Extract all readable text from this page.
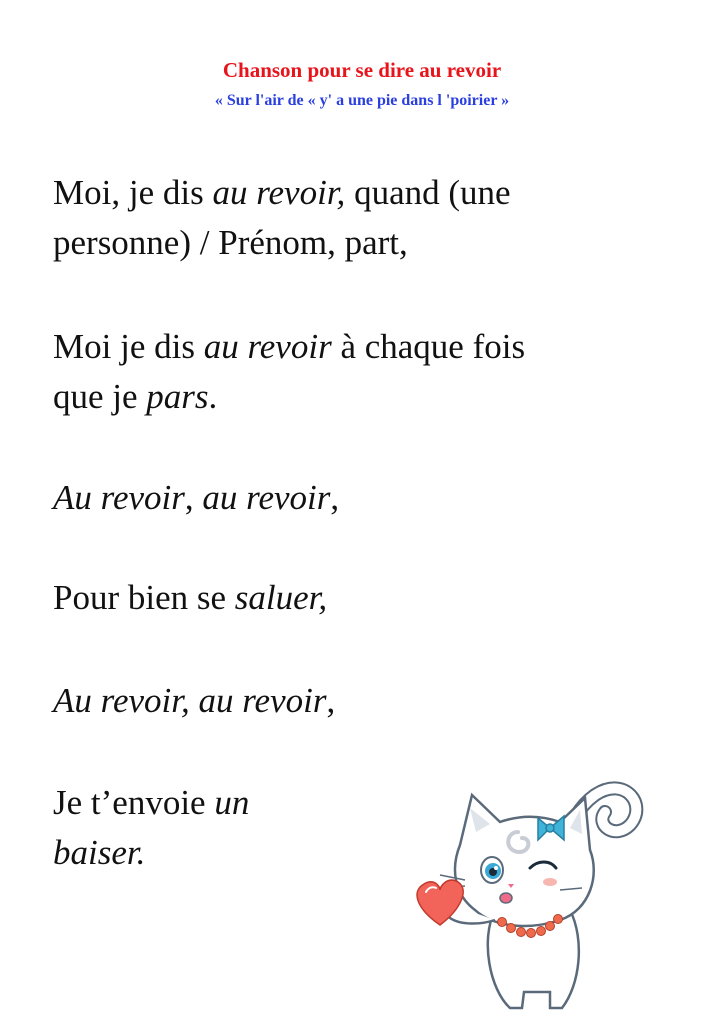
Chanson pour se dire au revoir
« Sur l'air de « y' a une pie dans l 'poirier »
Moi, je dis au revoir, quand (une
personne) / Prénom, part,
Moi je dis au revoir à chaque fois
que je pars.
Au revoir, au revoir,
Pour bien se saluer,
Au revoir, au revoir,
Je t’envoie un
baiser.
